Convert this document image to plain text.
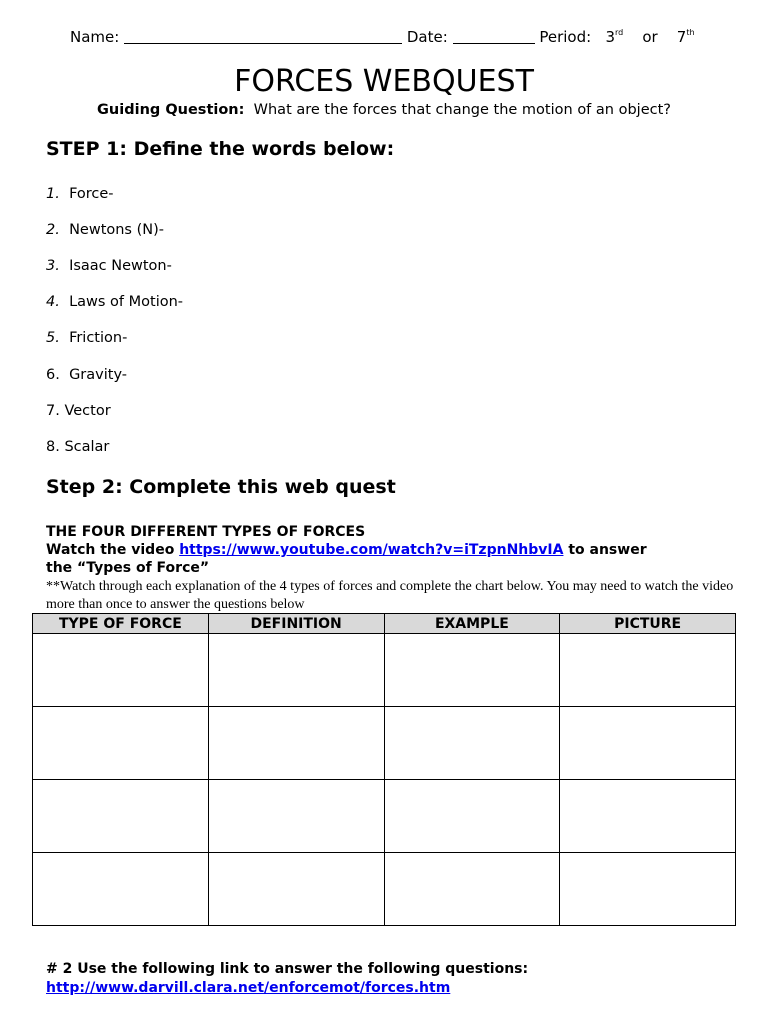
Name:	Date:	Period: 3rd or 7th
FORCES WEBQUEST
Guiding Question: What are the forces that change the motion of an object?
STEP 1: Define the words below:
1. Force-
2. Newtons (N)-
3. Isaac Newton-
4. Laws of Motion-
5. Friction-
6. Gravity-
7. Vector
8. Scalar
Step 2: Complete this web quest
THE FOUR DIFFERENT TYPES OF FORCES
Watch the video https://www.youtube.com/watch?v=iTzpnNhbvIA to answer
the “Types of Force”
**Watch through each explanation of the 4 types of forces and complete the chart below. You may need to watch the video more than once to answer the questions below
TYPE OF FORCE	DEFINITION	EXAMPLE	PICTURE

# 2 Use the following link to answer the following questions:
http://www.darvill.clara.net/enforcemot/forces.htm
